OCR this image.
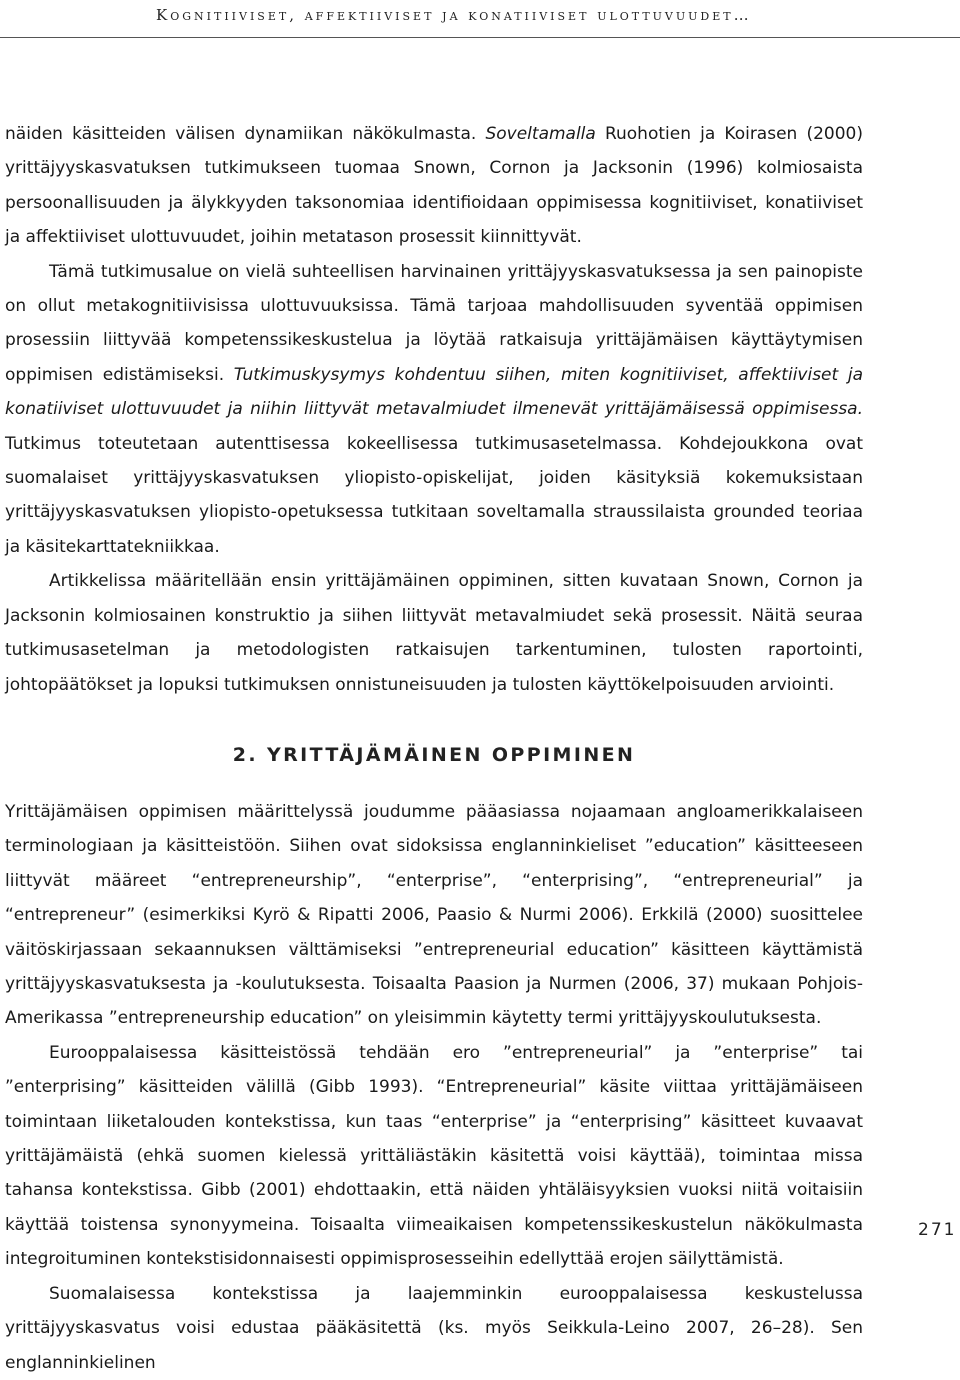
Kognitiiviset, affektiiviset ja konatiiviset ulottuvuudet…

näiden käsitteiden välisen dynamiikan näkökulmasta. Soveltamalla Ruohotien ja Koirasen (2000) yrittäjyyskasvatuksen tutkimukseen tuomaa Snown, Cornon ja Jacksonin (1996) kolmiosaista persoonallisuuden ja älykkyyden taksonomiaa identifioidaan oppimisessa kognitiiviset, konatiiviset ja affektiiviset ulottuvuudet, joihin metatason prosessit kiinnittyvät.

Tämä tutkimusalue on vielä suhteellisen harvinainen yrittäjyyskasvatuksessa ja sen painopiste on ollut metakognitiivisissa ulottuvuuksissa. Tämä tarjoaa mahdollisuuden syventää oppimisen prosessiin liittyvää kompetenssikeskustelua ja löytää ratkaisuja yrittäjämäisen käyttäytymisen oppimisen edistämiseksi. Tutkimuskysymys kohdentuu siihen, miten kognitiiviset, affektiiviset ja konatiiviset ulottuvuudet ja niihin liittyvät metavalmiudet ilmenevät yrittäjämäisessä oppimisessa. Tutkimus toteutetaan autenttisessa kokeellisessa tutkimusasetelmassa. Kohdejoukkona ovat suomalaiset yrittäjyyskasvatuksen yliopisto-opiskelijat, joiden käsityksiä kokemuksistaan yrittäjyyskasvatuksen yliopisto-opetuksessa tutkitaan soveltamalla straussilaista grounded teoriaa ja käsitekarttatekniikkaa.

Artikkelissa määritellään ensin yrittäjämäinen oppiminen, sitten kuvataan Snown, Cornon ja Jacksonin kolmiosainen konstruktio ja siihen liittyvät metavalmiudet sekä prosessit. Näitä seuraa tutkimusasetelman ja metodologisten ratkaisujen tarkentuminen, tulosten raportointi, johtopäätökset ja lopuksi tutkimuksen onnistuneisuuden ja tulosten käyttökelpoisuuden arviointi.

2. YRITTÄJÄMÄINEN OPPIMINEN

Yrittäjämäisen oppimisen määrittelyssä joudumme pääasiassa nojaamaan angloamerikkalaiseen terminologiaan ja käsitteistöön. Siihen ovat sidoksissa englanninkieliset ”education” käsitteeseen liittyvät määreet “entrepreneurship”, “enterprise”, “enterprising”, “entrepreneurial” ja “entrepreneur” (esimerkiksi Kyrö & Ripatti 2006, Paasio & Nurmi 2006). Erkkilä (2000) suosittelee väitöskirjassaan sekaannuksen välttämiseksi ”entrepreneurial education” käsitteen käyttämistä yrittäjyyskasvatuksesta ja -koulutuksesta. Toisaalta Paasion ja Nurmen (2006, 37) mukaan Pohjois-Amerikassa ”entrepreneurship education” on yleisimmin käytetty termi yrittäjyyskoulutuksesta.

Eurooppalaisessa käsitteistössä tehdään ero ”entrepreneurial” ja ”enterprise” tai ”enterprising” käsitteiden välillä (Gibb 1993). “Entrepreneurial” käsite viittaa yrittäjämäiseen toimintaan liiketalouden kontekstissa, kun taas “enterprise” ja “enterprising” käsitteet kuvaavat yrittäjämäistä (ehkä suomen kielessä yrittäliästäkin käsitettä voisi käyttää), toimintaa missa tahansa kontekstissa. Gibb (2001) ehdottaakin, että näiden yhtäläisyyksien vuoksi niitä voitaisiin käyttää toistensa synonyymeina. Toisaalta viimeaikaisen kompetenssikeskustelun näkökulmasta integroituminen kontekstisidonnaisesti oppimisprosesseihin edellyttää erojen säilyttämistä.

Suomalaisessa kontekstissa ja laajemminkin eurooppalaisessa keskustelussa yrittäjyyskasvatus voisi edustaa pääkäsitettä (ks. myös Seikkula-Leino 2007, 26–28). Sen englanninkielinen

271
